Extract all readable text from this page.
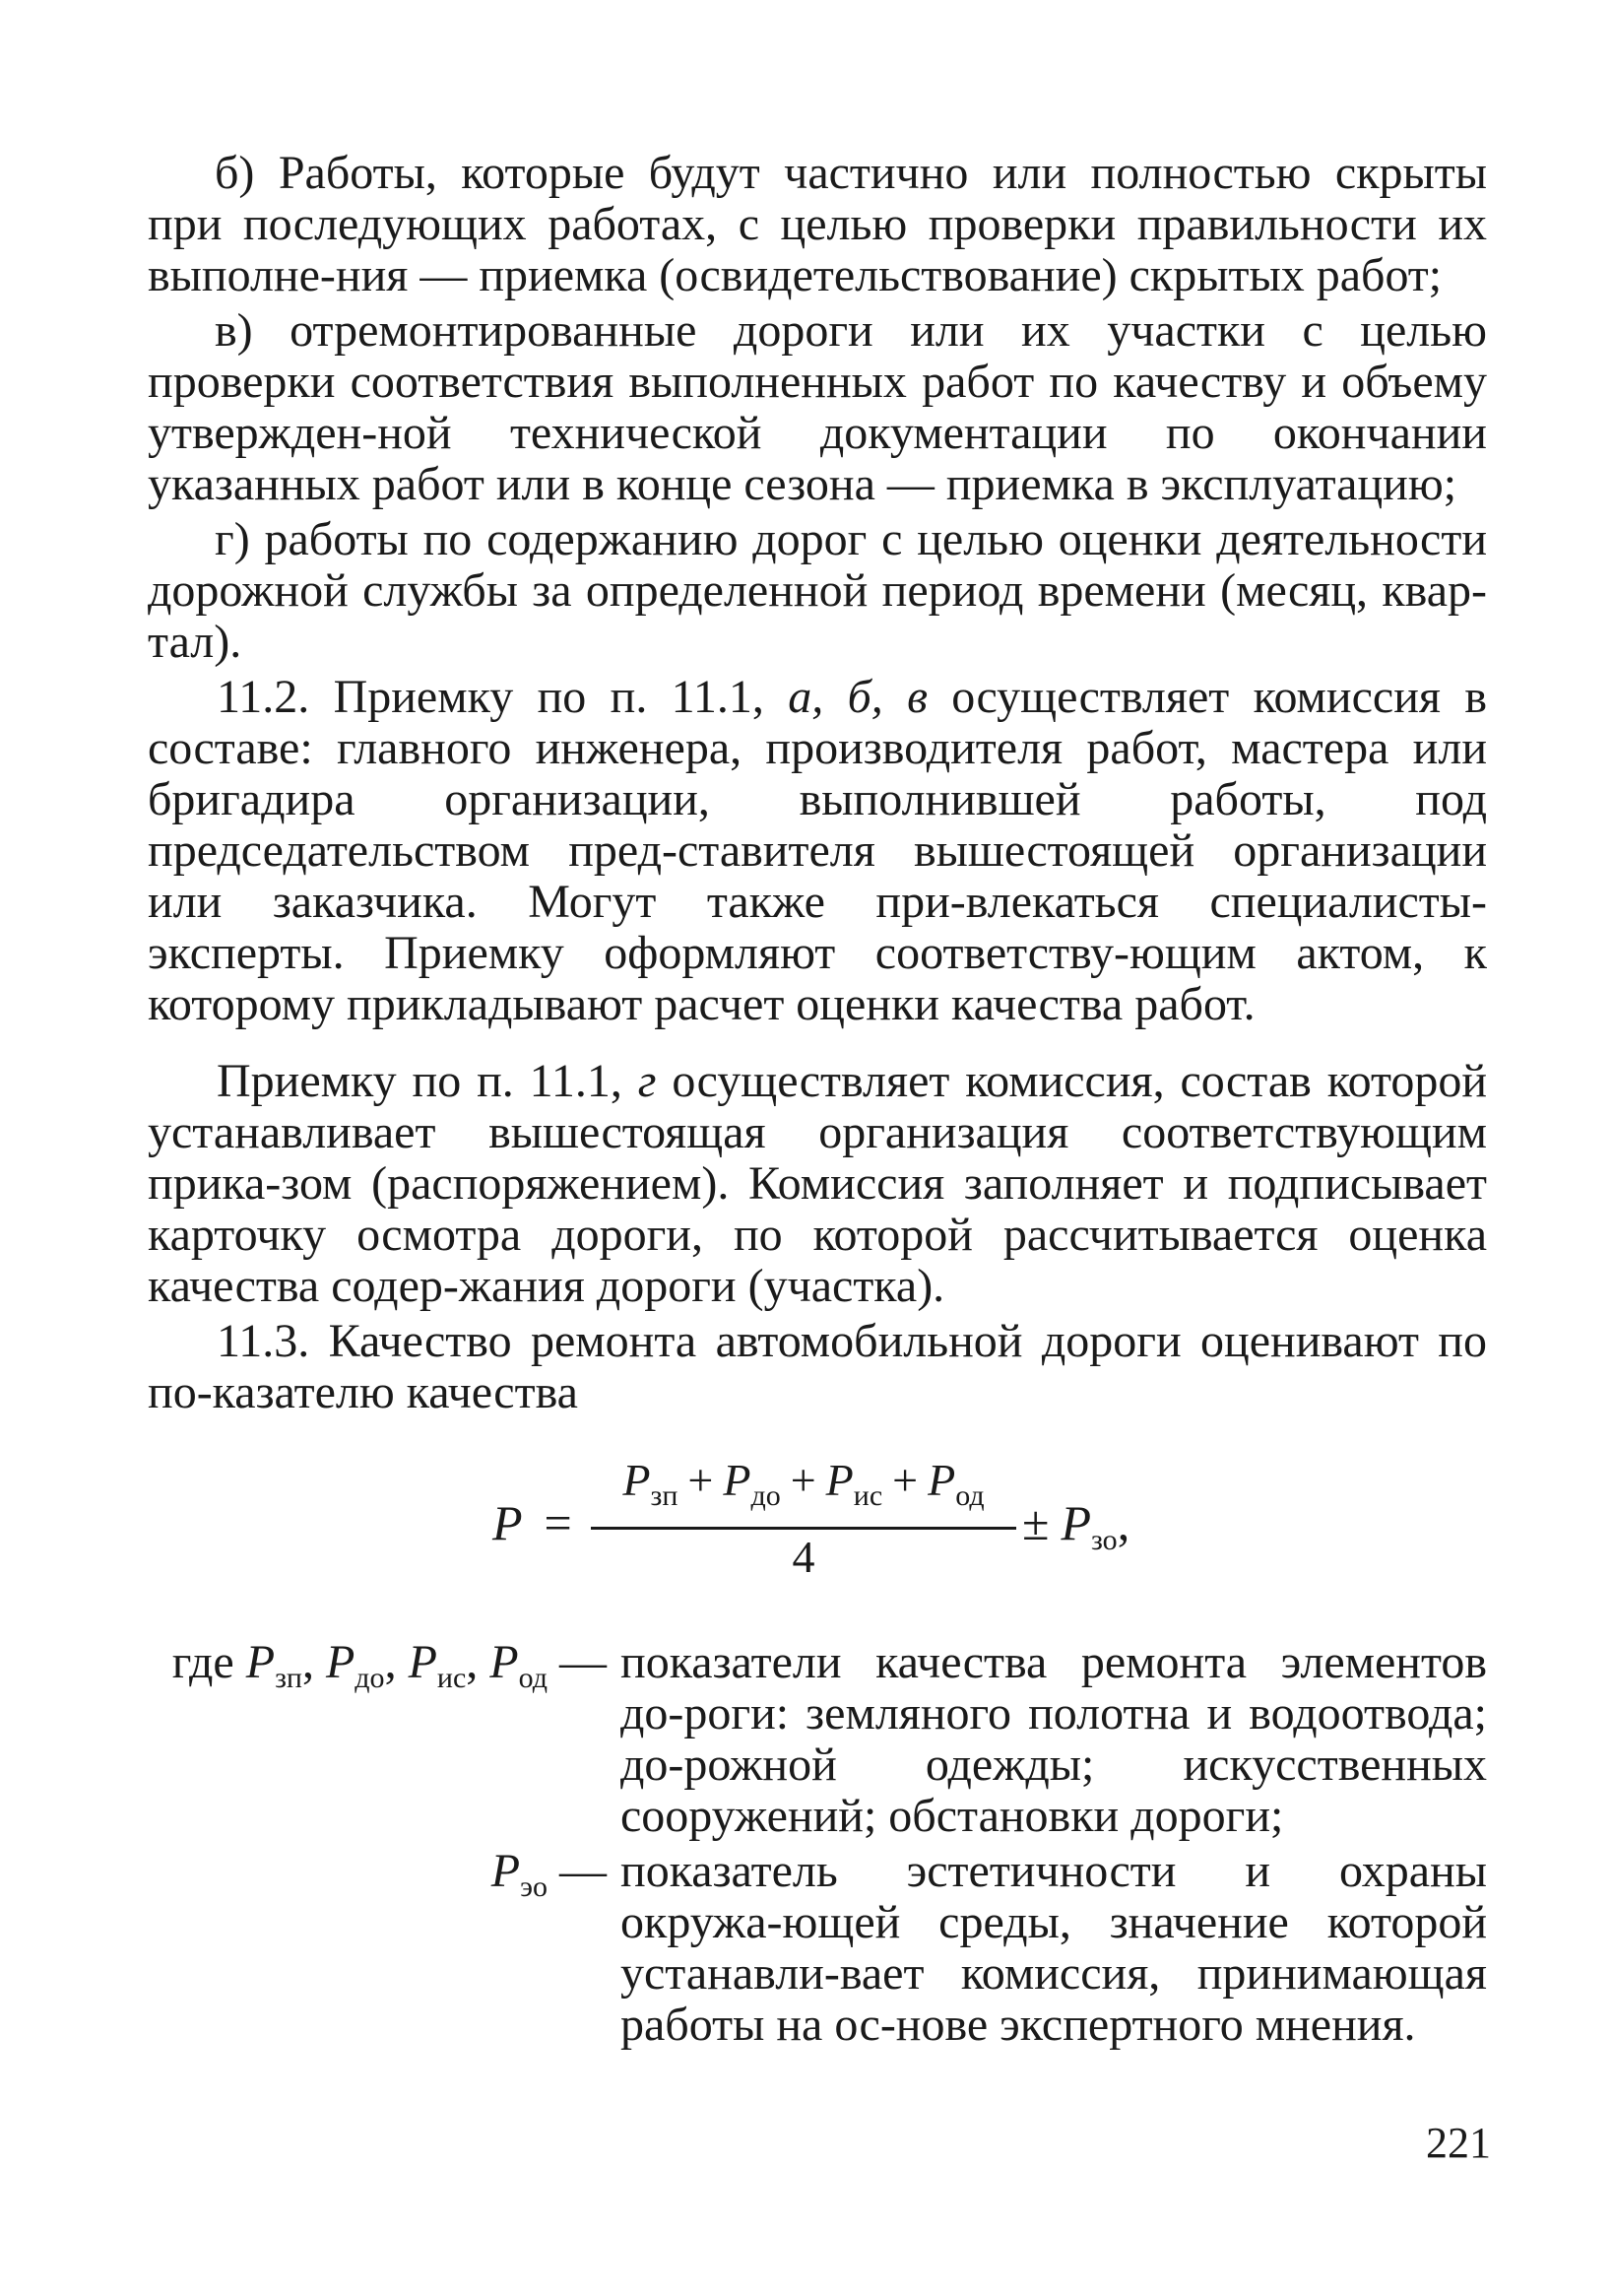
б) Работы, которые будут частично или полностью скрыты при последующих работах, с целью проверки правильности их выполне-ния — приемка (освидетельствование) скрытых работ;

в) отремонтированные дороги или их участки с целью проверки соответствия выполненных работ по качеству и объему утвержден-ной технической документации по окончании указанных работ или в конце сезона — приемка в эксплуатацию;

г) работы по содержанию дорог с целью оценки деятельности дорожной службы за определенной период времени (месяц, квар-тал).

11.2. Приемку по п. 11.1, а, б, в осуществляет комиссия в составе: главного инженера, производителя работ, мастера или бригадира организации, выполнившей работы, под председательством пред-ставителя вышестоящей организации или заказчика. Могут также при-влекаться специалисты-эксперты. Приемку оформляют соответству-ющим актом, к которому прикладывают расчет оценки качества работ.

Приемку по п. 11.1, г осуществляет комиссия, состав которой устанавливает вышестоящая организация соответствующим прика-зом (распоряжением). Комиссия заполняет и подписывает карточку осмотра дороги, по которой рассчитывается оценка качества содер-жания дороги (участка).

11.3. Качество ремонта автомобильной дороги оценивают по по-казателю качества

P =
$P_{зп} + P_{до} + P_{ис} + P_{од}$
4
± $P_{зо}$,
где $P_{зп}$, $P_{до}$, $P_{ис}$, $P_{од}$ — показатели качества ремонта элементов до-роги: земляного полотна и водоотвода; до-рожной одежды; искусственных сооружений; обстановки дороги;
$P_{эо}$ — показатель эстетичности и охраны окружа-ющей среды, значение которой устанавли-вает комиссия, принимающая работы на ос-нове экспертного мнения.
221
